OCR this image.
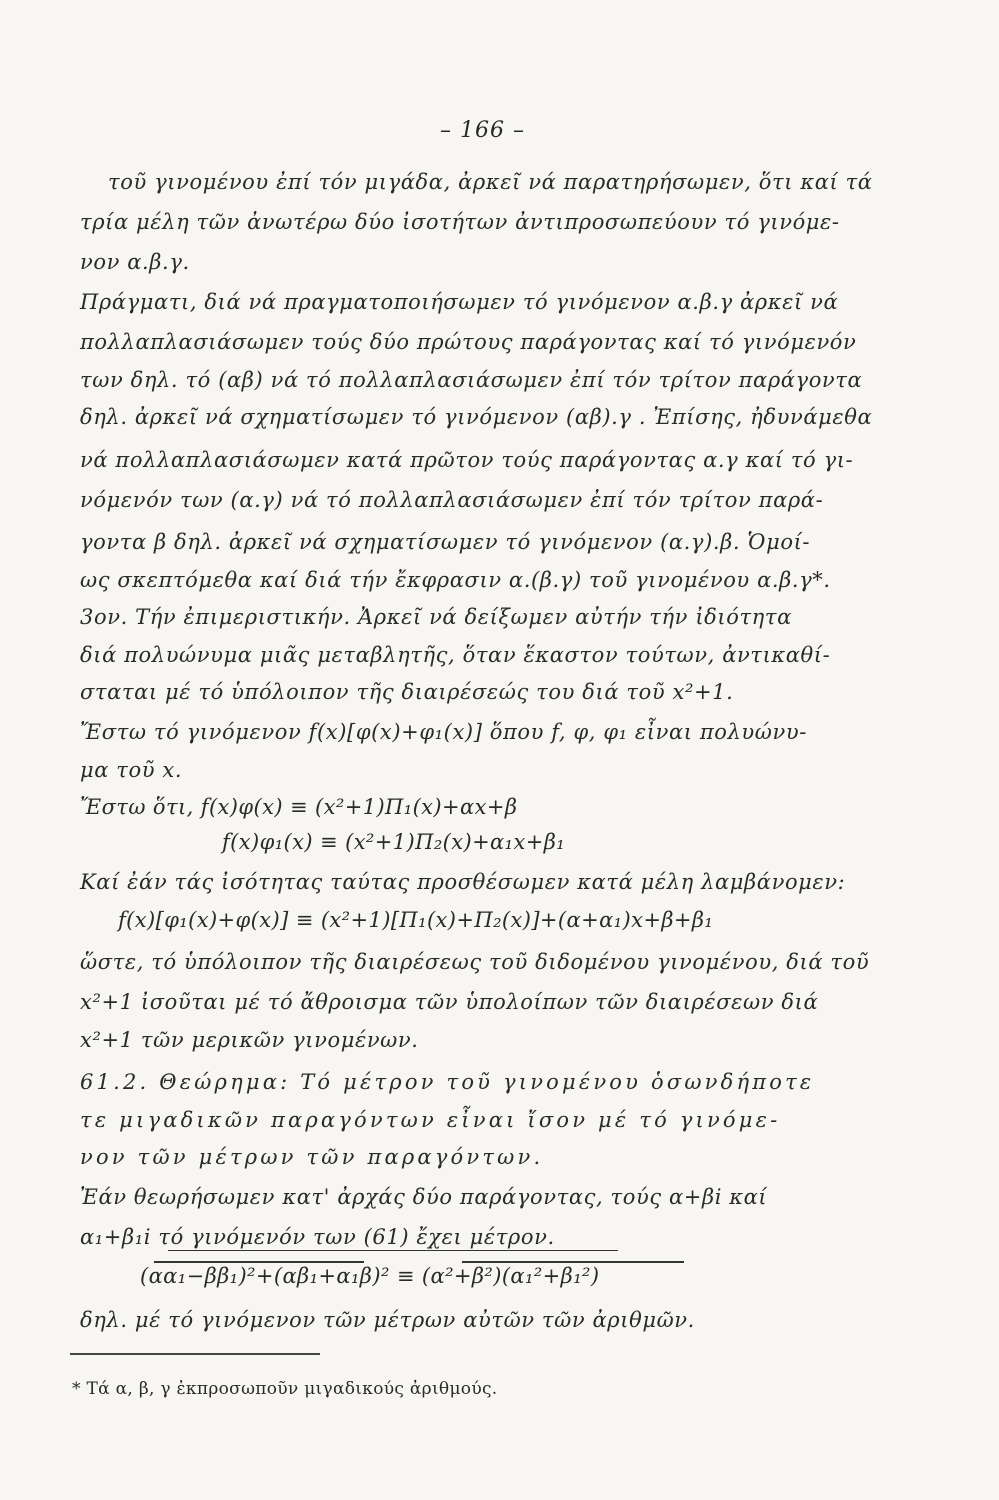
– 166 –
τοῦ γινομένου ἐπί τόν μιγάδα, ἀρκεῖ νά παρατηρήσωμεν, ὅτι καί τά
τρία μέλη τῶν ἀνωτέρω δύο ἰσοτήτων ἀντιπροσωπεύουν τό γινόμε-
νον α.β.γ.
Πράγματι, διά νά πραγματοποιήσωμεν τό γινόμενον α.β.γ ἀρκεῖ νά
πολλαπλασιάσωμεν τούς δύο πρώτους παράγοντας καί τό γινόμενόν
των δηλ. τό (αβ) νά τό πολλαπλασιάσωμεν ἐπί τόν τρίτον παράγοντα
δηλ. ἀρκεῖ νά σχηματίσωμεν τό γινόμενον (αβ).γ . Ἐπίσης, ἠδυνάμεθα
νά πολλαπλασιάσωμεν κατά πρῶτον τούς παράγοντας α.γ καί τό γι-
νόμενόν των (α.γ) νά τό πολλαπλασιάσωμεν ἐπί τόν τρίτον παρά-
γοντα β δηλ. ἀρκεῖ νά σχηματίσωμεν τό γινόμενον (α.γ).β. Ὁμοί-
ως σκεπτόμεθα καί διά τήν ἔκφρασιν α.(β.γ) τοῦ γινομένου α.β.γ*.
3ον. Τήν ἐπιμεριστικήν. Ἀρκεῖ νά δείξωμεν αὐτήν τήν ἰδιότητα
διά πολυώνυμα μιᾶς μεταβλητῆς, ὅταν ἕκαστον τούτων, ἀντικαθί-
σταται μέ τό ὑπόλοιπον τῆς διαιρέσεώς του διά τοῦ x²+1.
Ἔστω τό γινόμενον f(x)[φ(x)+φ₁(x)] ὅπου f, φ, φ₁ εἶναι πολυώνυ-
μα τοῦ x.
Ἔστω ὅτι, f(x)φ(x) ≡ (x²+1)Π₁(x)+αx+β
f(x)φ₁(x) ≡ (x²+1)Π₂(x)+α₁x+β₁
Καί ἐάν τάς ἰσότητας ταύτας προσθέσωμεν κατά μέλη λαμβάνομεν:
f(x)[φ₁(x)+φ(x)] ≡ (x²+1)[Π₁(x)+Π₂(x)]+(α+α₁)x+β+β₁
ὥστε, τό ὑπόλοιπον τῆς διαιρέσεως τοῦ διδομένου γινομένου, διά τοῦ
x²+1 ἰσοῦται μέ τό ἄθροισμα τῶν ὑπολοίπων τῶν διαιρέσεων διά
x²+1 τῶν μερικῶν γινομένων.
61.2. Θεώρημα: Τό μέτρον τοῦ γινομένου ὁσωνδήποτε
τε μιγαδικῶν παραγόντων εἶναι ἴσον μέ τό γινόμε-
νον τῶν μέτρων τῶν παραγόντων.
Ἐάν θεωρήσωμεν κατ' ἀρχάς δύο παράγοντας, τούς α+βi καί
α₁+β₁i τό γινόμενόν των (61) ἔχει μέτρον.
(αα₁−ββ₁)²+(αβ₁+α₁β)² ≡ (α²+β²)(α₁²+β₁²)
δηλ. μέ τό γινόμενον τῶν μέτρων αὐτῶν τῶν ἀριθμῶν.
* Τά α, β, γ ἐκπροσωποῦν μιγαδικούς ἀριθμούς.
